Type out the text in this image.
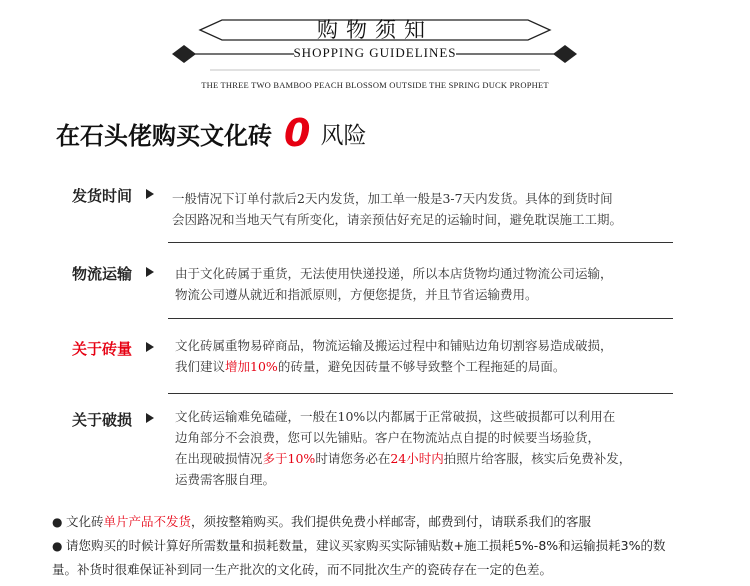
购物须知
SHOPPING GUIDELINES
THE THREE TWO BAMBOO PEACH BLOSSOM OUTSIDE THE SPRING DUCK PROPHET
在石头佬购买文化砖 0 风险
发货时间	一般情况下订单付款后2天内发货，加工单一般是3-7天内发货。具体的到货时间
会因路况和当地天气有所变化，请亲预估好充足的运输时间，避免耽误施工工期。
物流运输	由于文化砖属于重货，无法使用快递投递，所以本店货物均通过物流公司运输，
物流公司遵从就近和指派原则，方便您提货，并且节省运输费用。
关于砖量	文化砖属重物易碎商品，物流运输及搬运过程中和铺贴边角切割容易造成破损，
我们建议增加10%的砖量，避免因砖量不够导致整个工程拖延的局面。
关于破损	文化砖运输难免磕碰，一般在10%以内都属于正常破损，这些破损都可以利用在
边角部分不会浪费，您可以先铺贴。客户在物流站点自提的时候要当场验货，
在出现破损情况多于10%时请您务必在24小时内拍照片给客服，核实后免费补发，
运费需客服自理。
● 文化砖单片产品不发货，须按整箱购买。我们提供免费小样邮寄，邮费到付，请联系我们的客服
● 请您购买的时候计算好所需数量和损耗数量，建议买家购买实际铺贴数+施工损耗5%-8%和运输损耗3%的数
量。补货时很难保证补到同一生产批次的文化砖，而不同批次生产的瓷砖存在一定的色差。
